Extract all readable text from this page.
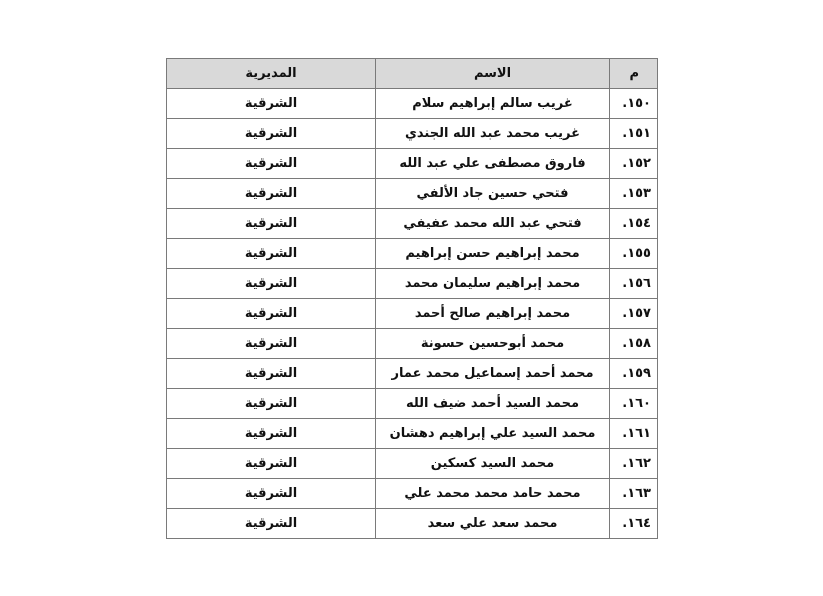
م	الاسم	المديرية
١٥٠.	غريب سالم إبراهيم سلام	الشرقية
١٥١.	غريب محمد عبد الله الجندي	الشرقية
١٥٢.	فاروق مصطفى علي عبد الله	الشرقية
١٥٣.	فتحي حسين جاد الألفي	الشرقية
١٥٤.	فتحي عبد الله محمد عفيفي	الشرقية
١٥٥.	محمد إبراهيم حسن إبراهيم	الشرقية
١٥٦.	محمد إبراهيم سليمان محمد	الشرقية
١٥٧.	محمد إبراهيم صالح أحمد	الشرقية
١٥٨.	محمد أبوحسين حسونة	الشرقية
١٥٩.	محمد أحمد إسماعيل محمد عمار	الشرقية
١٦٠.	محمد السيد أحمد ضيف الله	الشرقية
١٦١.	محمد السيد علي إبراهيم دهشان	الشرقية
١٦٢.	محمد السيد كسكين	الشرقية
١٦٣.	محمد حامد محمد محمد علي	الشرقية
١٦٤.	محمد سعد علي سعد	الشرقية
